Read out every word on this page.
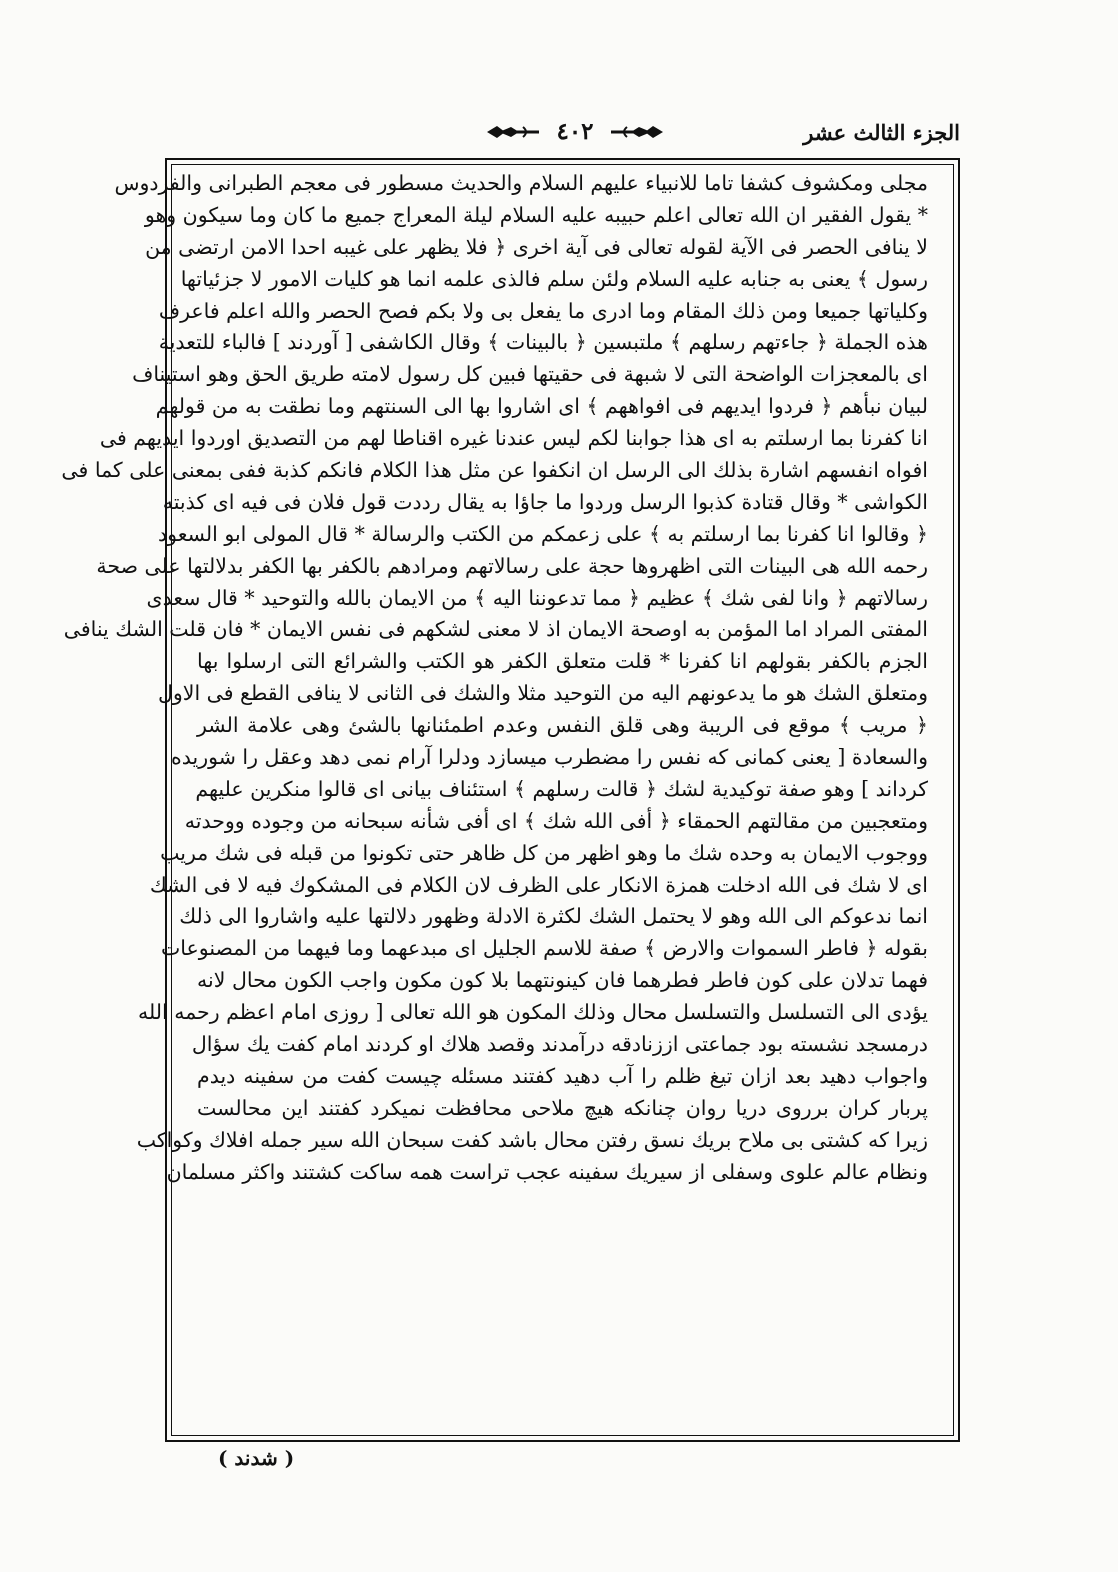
٤٠٢	الجزء الثالث عشر
مجلى ومكشوف كشفا تاما للانبياء عليهم السلام والحديث مسطور فى معجم الطبرانى والفردوس
* يقول الفقير ان الله تعالى اعلم حبيبه عليه السلام ليلة المعراج جميع ما كان وما سيكون وهو
لا ينافى الحصر فى الآية لقوله تعالى فى آية اخرى ﴿ فلا يظهر على غيبه احدا الامن ارتضى من
رسول ﴾ يعنى به جنابه عليه السلام ولئن سلم فالذى علمه انما هو كليات الامور لا جزئياتها
وكلياتها جميعا ومن ذلك المقام وما ادرى ما يفعل بى ولا بكم فصح الحصر والله اعلم فاعرف
هذه الجملة ﴿ جاءتهم رسلهم ﴾ ملتبسين ﴿ بالبينات ﴾ وقال الكاشفى [ آوردند ] فالباء للتعدية
اى بالمعجزات الواضحة التى لا شبهة فى حقيتها فبين كل رسول لامته طريق الحق وهو استيناف
لبيان نبأهم ﴿ فردوا ايديهم فى افواههم ﴾ اى اشاروا بها الى السنتهم وما نطقت به من قولهم
انا كفرنا بما ارسلتم به اى هذا جوابنا لكم ليس عندنا غيره اقناطا لهم من التصديق اوردوا ايديهم فى
افواه انفسهم اشارة بذلك الى الرسل ان انكفوا عن مثل هذا الكلام فانكم كذبة ففى بمعنى على كما فى
الكواشى * وقال قتادة كذبوا الرسل وردوا ما جاؤا به يقال رددت قول فلان فى فيه اى كذبته
﴿ وقالوا انا كفرنا بما ارسلتم به ﴾ على زعمكم من الكتب والرسالة * قال المولى ابو السعود
رحمه الله هى البينات التى اظهروها حجة على رسالاتهم ومرادهم بالكفر بها الكفر بدلالتها على صحة
رسالاتهم ﴿ وانا لفى شك ﴾ عظيم ﴿ مما تدعوننا اليه ﴾ من الايمان بالله والتوحيد * قال سعدى
المفتى المراد اما المؤمن به اوصحة الايمان اذ لا معنى لشكهم فى نفس الايمان * فان قلت الشك ينافى
الجزم بالكفر بقولهم انا كفرنا * قلت متعلق الكفر هو الكتب والشرائع التى ارسلوا بها
ومتعلق الشك هو ما يدعونهم اليه من التوحيد مثلا والشك فى الثانى لا ينافى القطع فى الاول
﴿ مريب ﴾ موقع فى الريبة وهى قلق النفس وعدم اطمئنانها بالشئ وهى علامة الشر
والسعادة [ يعنى كمانى كه نفس را مضطرب ميسازد ودلرا آرام نمى دهد وعقل را شوريده
كرداند ] وهو صفة توكيدية لشك ﴿ قالت رسلهم ﴾ استئناف بيانى اى قالوا منكرين عليهم
ومتعجبين من مقالتهم الحمقاء ﴿ أفى الله شك ﴾ اى أفى شأنه سبحانه من وجوده ووحدته
ووجوب الايمان به وحده شك ما وهو اظهر من كل ظاهر حتى تكونوا من قبله فى شك مريب
اى لا شك فى الله ادخلت همزة الانكار على الظرف لان الكلام فى المشكوك فيه لا فى الشك
انما ندعوكم الى الله وهو لا يحتمل الشك لكثرة الادلة وظهور دلالتها عليه واشاروا الى ذلك
بقوله ﴿ فاطر السموات والارض ﴾ صفة للاسم الجليل اى مبدعهما وما فيهما من المصنوعات
فهما تدلان على كون فاطر فطرهما فان كينونتهما بلا كون مكون واجب الكون محال لانه
يؤدى الى التسلسل والتسلسل محال وذلك المكون هو الله تعالى [ روزى امام اعظم رحمه الله
درمسجد نشسته بود جماعتى اززنادقه درآمدند وقصد هلاك او كردند امام كفت يك سؤال
واجواب دهيد بعد ازان تيغ ظلم را آب دهيد كفتند مسئله چيست كفت من سفينه ديدم
پربار كران برروى دريا روان چنانكه هيچ ملاحى محافظت نميكرد كفتند اين محالست
زيرا كه كشتى بى ملاح بريك نسق رفتن محال باشد كفت سبحان الله سير جمله افلاك وكواكب
ونظام عالم علوى وسفلى از سيريك سفينه عجب تراست همه ساكت كشتند واكثر مسلمان
( شدند )
